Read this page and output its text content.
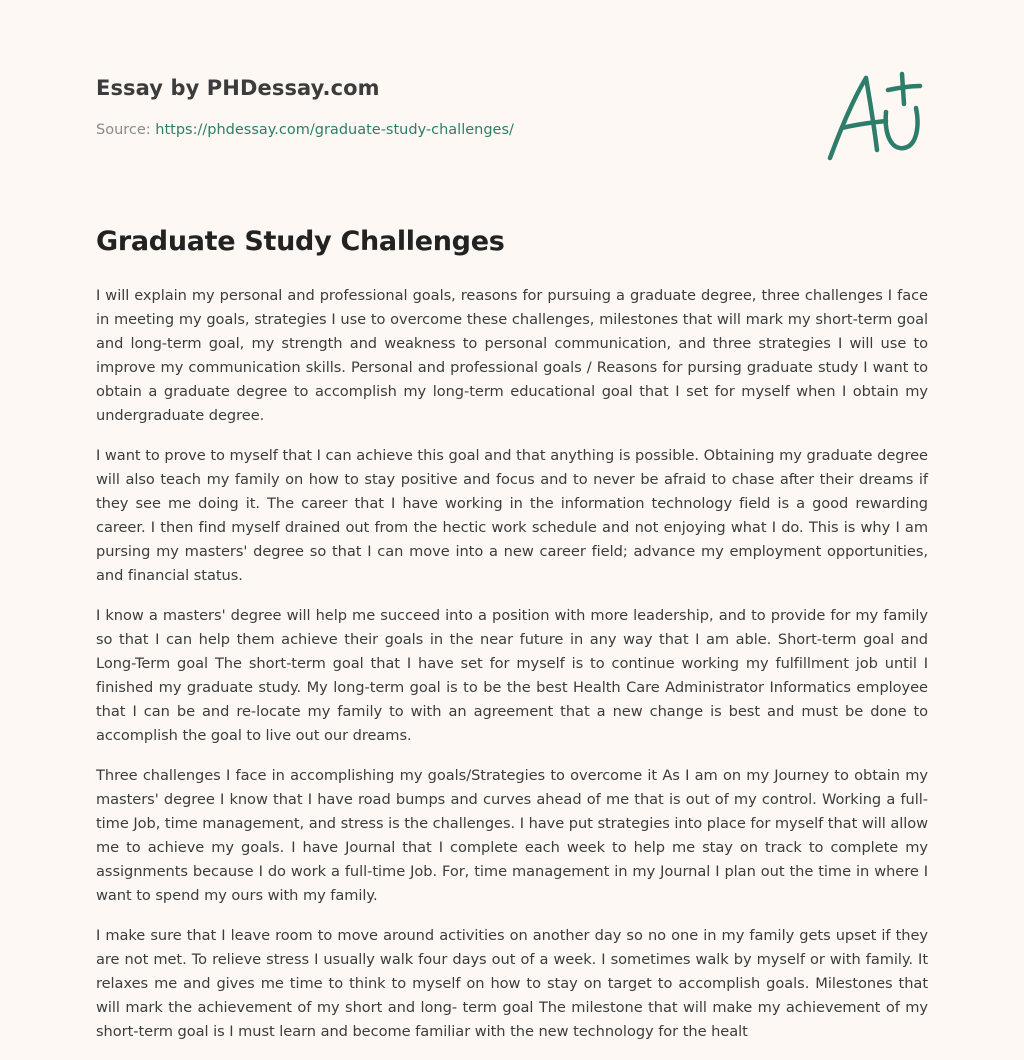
Essay by PHDessay.com
Source: https://phdessay.com/graduate-study-challenges/
Graduate Study Challenges

I will explain my personal and professional goals, reasons for pursuing a graduate degree, three challenges I face in meeting my goals, strategies I use to overcome these challenges, milestones that will mark my short-term goal and long-term goal, my strength and weakness to personal communication, and three strategies I will use to improve my communication skills. Personal and professional goals / Reasons for pursing graduate study I want to obtain a graduate degree to accomplish my long-term educational goal that I set for myself when I obtain my undergraduate degree.

I want to prove to myself that I can achieve this goal and that anything is possible. Obtaining my graduate degree will also teach my family on how to stay positive and focus and to never be afraid to chase after their dreams if they see me doing it. The career that I have working in the information technology field is a good rewarding career. I then find myself drained out from the hectic work schedule and not enjoying what I do. This is why I am pursing my masters' degree so that I can move into a new career field; advance my employment opportunities, and financial status.

I know a masters' degree will help me succeed into a position with more leadership, and to provide for my family so that I can help them achieve their goals in the near future in any way that I am able. Short-term goal and Long-Term goal The short-term goal that I have set for myself is to continue working my fulfillment job until I finished my graduate study. My long-term goal is to be the best Health Care Administrator Informatics employee that I can be and re-locate my family to with an agreement that a new change is best and must be done to accomplish the goal to live out our dreams.

Three challenges I face in accomplishing my goals/Strategies to overcome it As I am on my Journey to obtain my masters' degree I know that I have road bumps and curves ahead of me that is out of my control. Working a full-time Job, time management, and stress is the challenges. I have put strategies into place for myself that will allow me to achieve my goals. I have Journal that I complete each week to help me stay on track to complete my assignments because I do work a full-time Job. For, time management in my Journal I plan out the time in where I want to spend my ours with my family.

I make sure that I leave room to move around activities on another day so no one in my family gets upset if they are not met. To relieve stress I usually walk four days out of a week. I sometimes walk by myself or with family. It relaxes me and gives me time to think to myself on how to stay on target to accomplish goals. Milestones that will mark the achievement of my short and long- term goal The milestone that will make my achievement of my short-term goal is I must learn and become familiar with the new technology for the healt
